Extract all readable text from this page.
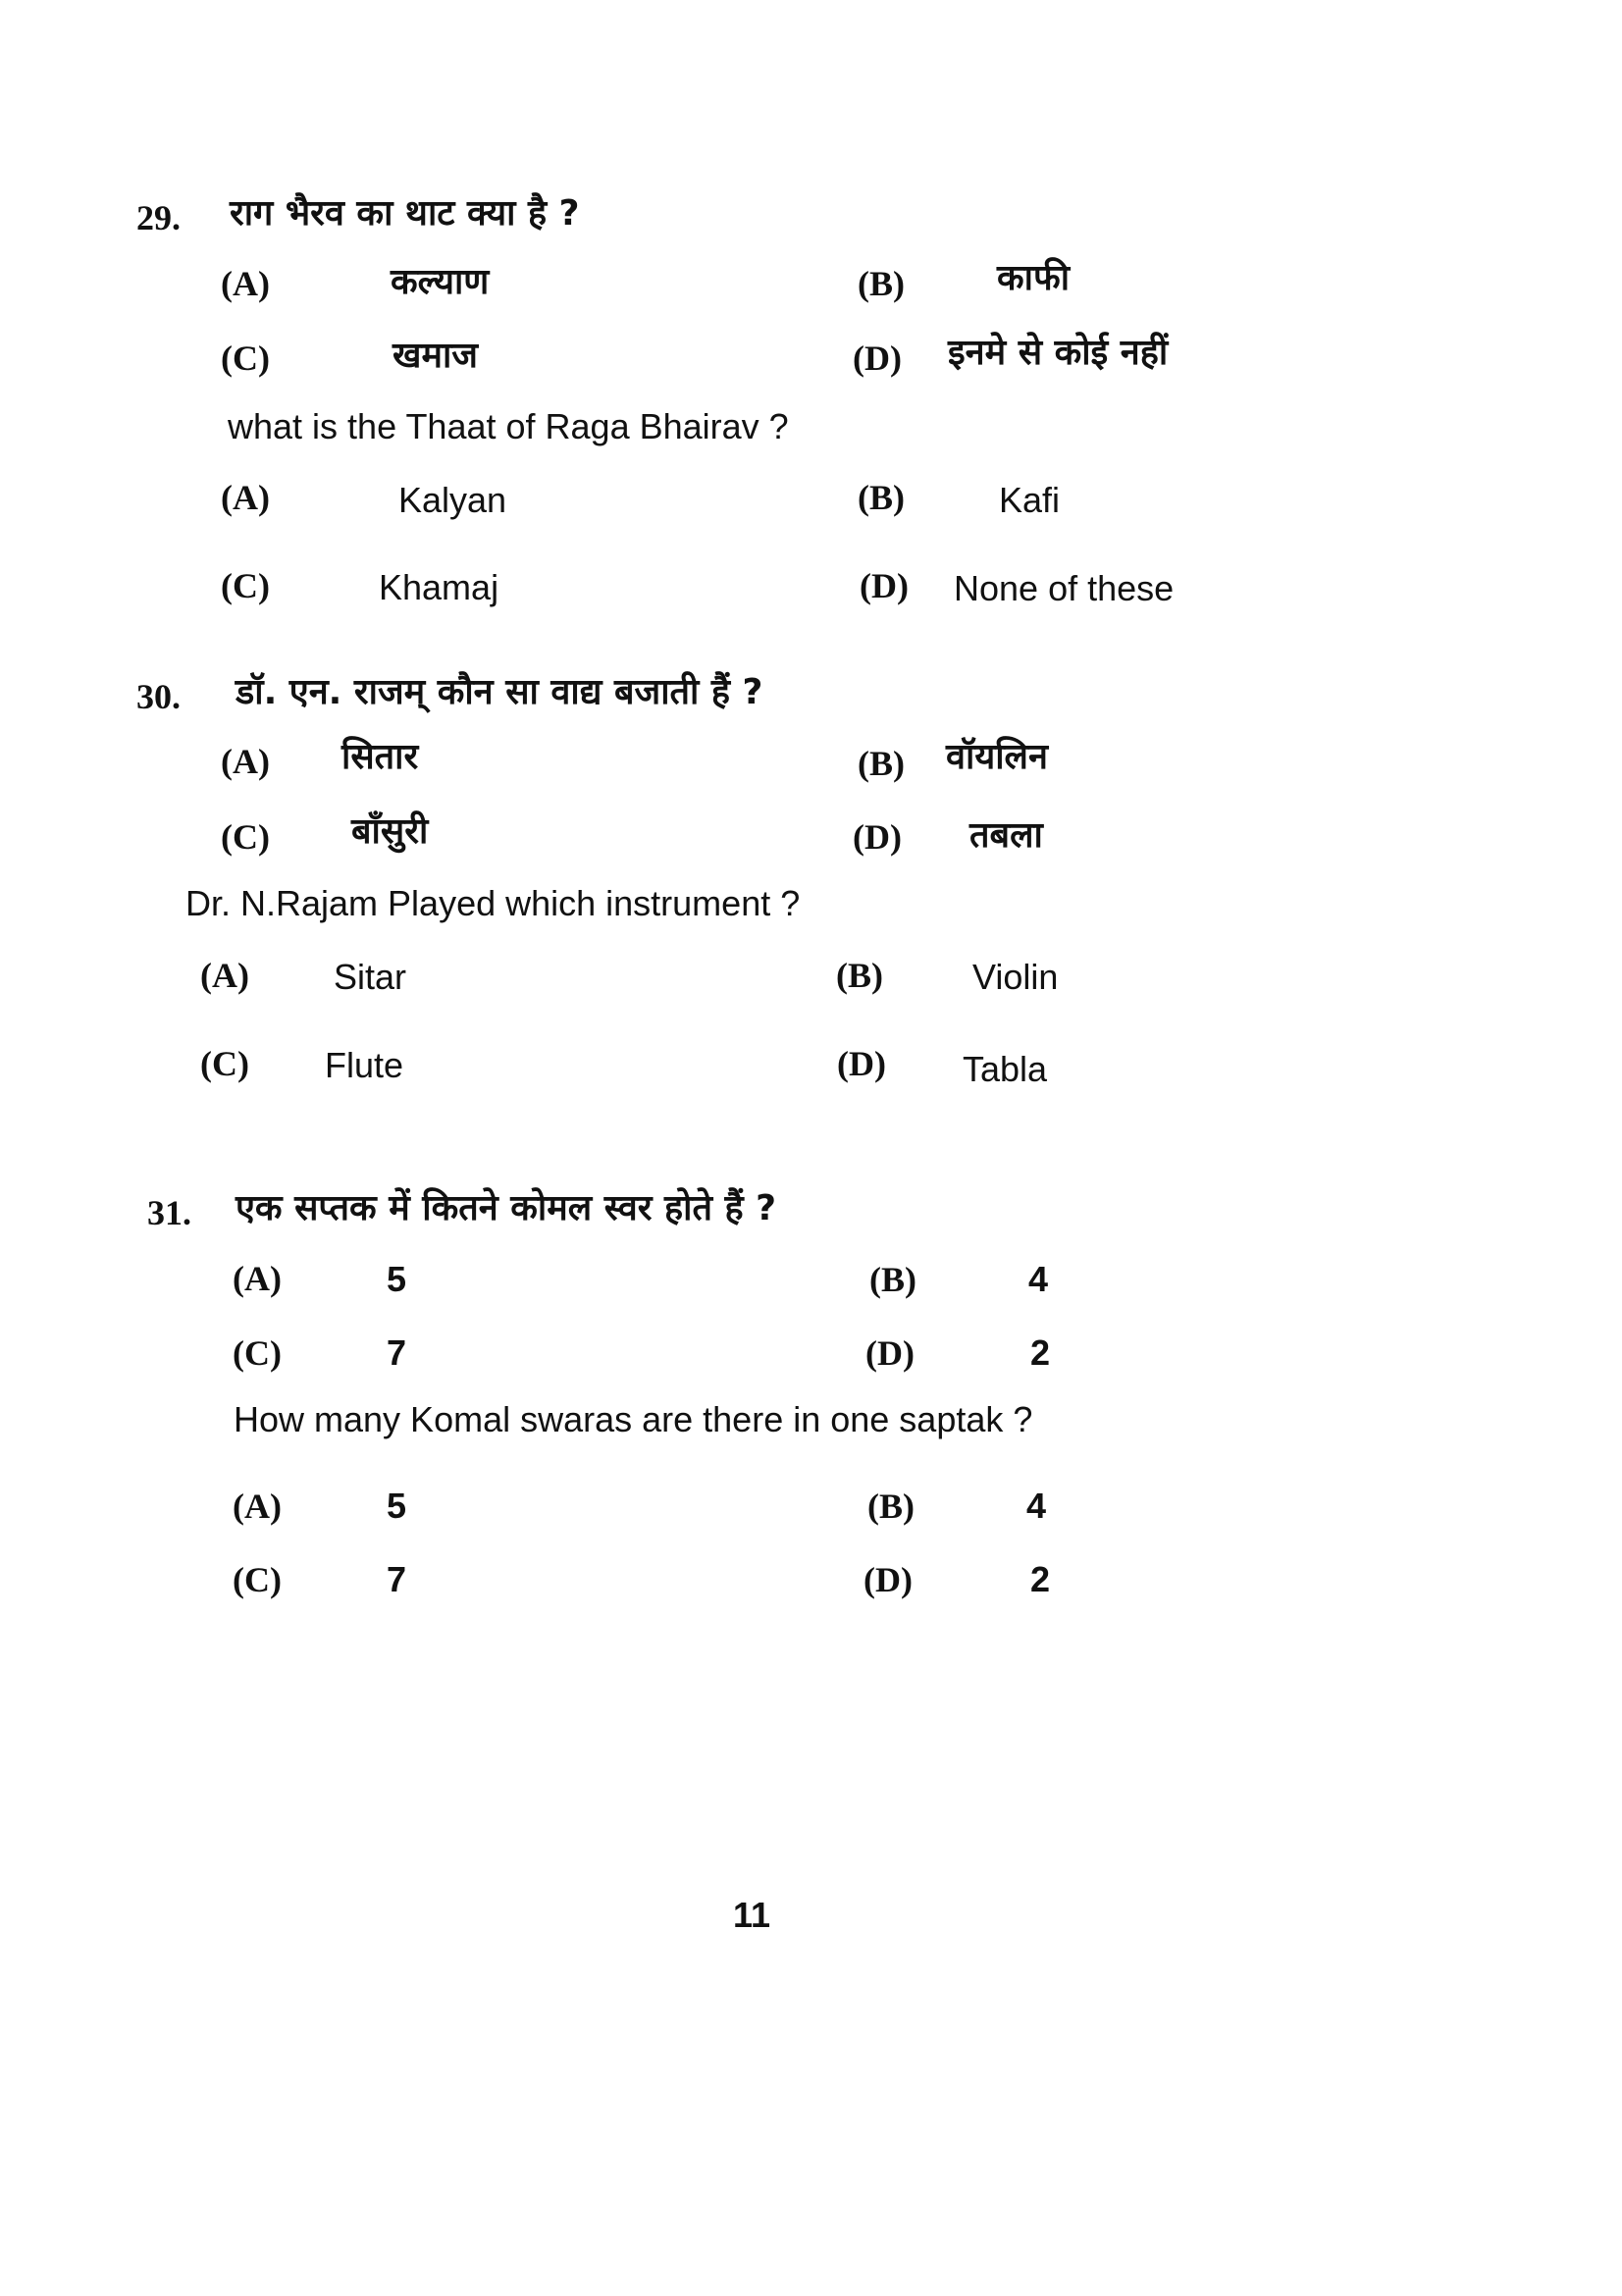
29. राग भैरव का थाट क्या है ?
(A)	कल्याण	(B)	काफी
(C)	खमाज	(D) इनमे से कोई नहीं
what is the Thaat of Raga Bhairav ?
(A)	Kalyan	(B)	Kafi
(C)	Khamaj	(D) None of these
30. डॉ. एन. राजम् कौन सा वाद्य बजाती हैं ?
(A) सितार	(B) वॉयलिन
(C) बाँसुरी	(D) तबला
Dr. N.Rajam Played which instrument ?
(A) Sitar	(B)	Violin
(C) Flute	(D) Tabla
31. एक सप्तक में कितने कोमल स्वर होते हैं ?
(A)	5	(B)	4
(C)	7	(D)	2
How many Komal swaras are there in one saptak ?
(A)	5	(B)	4
(C)	7	(D)	2
11
